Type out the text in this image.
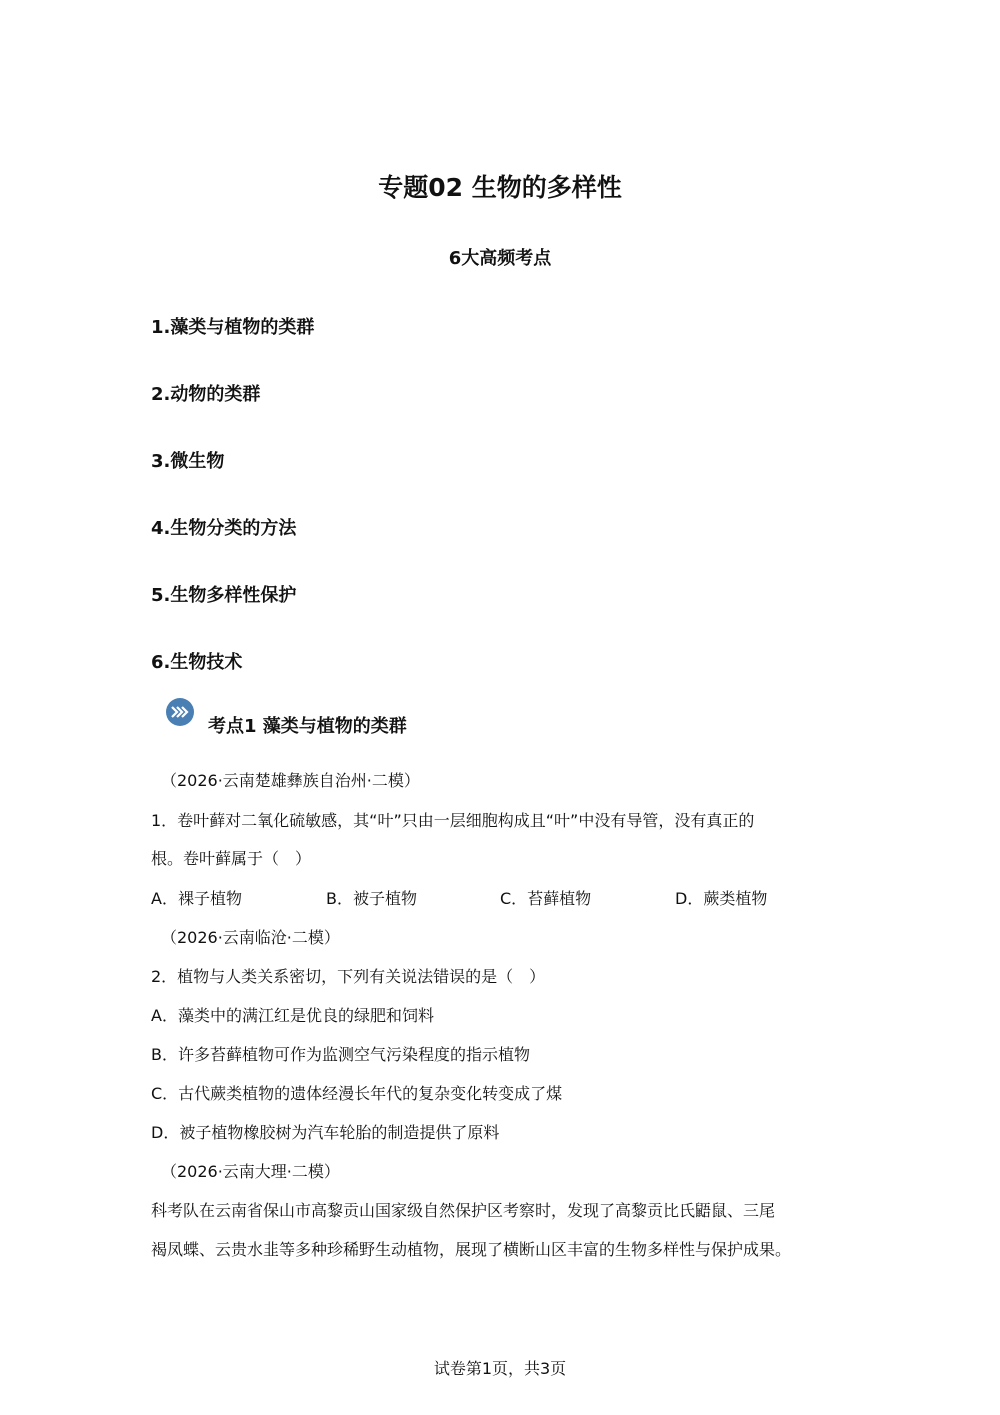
专题02 生物的多样性
6大高频考点
1.藻类与植物的类群
2.动物的类群
3.微生物
4.生物分类的方法
5.生物多样性保护
6.生物技术
考点1 藻类与植物的类群
（2026·云南楚雄彝族自治州·二模）
1．卷叶藓对二氧化硫敏感，其“叶”只由一层细胞构成且“叶”中没有导管，没有真正的
根。卷叶藓属于（　）
A．裸子植物	B．被子植物	C．苔藓植物	D．蕨类植物
（2026·云南临沧·二模）
2．植物与人类关系密切，下列有关说法错误的是（　）
A．藻类中的满江红是优良的绿肥和饲料
B．许多苔藓植物可作为监测空气污染程度的指示植物
C．古代蕨类植物的遗体经漫长年代的复杂变化转变成了煤
D．被子植物橡胶树为汽车轮胎的制造提供了原料
（2026·云南大理·二模）
科考队在云南省保山市高黎贡山国家级自然保护区考察时，发现了高黎贡比氏鼯鼠、三尾
褐凤蝶、云贵水韭等多种珍稀野生动植物，展现了横断山区丰富的生物多样性与保护成果。
试卷第1页，共3页
